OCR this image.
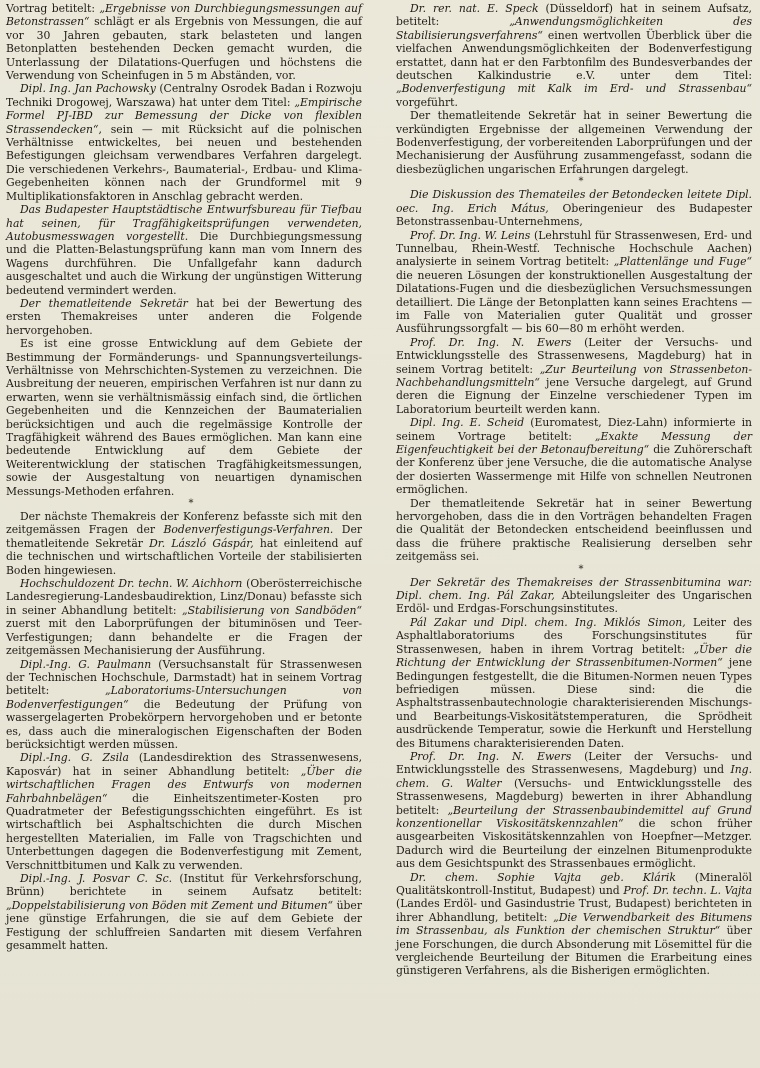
Vortrag betitelt: „Ergebnisse von Durchbiegungsmessungen auf Betonstrassen“ schlägt er als Ergebnis von Messungen, die auf vor 30 Jahren gebauten, stark belasteten und langen Betonplatten bestehenden Decken gemacht wurden, die Unterlassung der Dilatations-Querfugen und höchstens die Verwendung von Scheinfugen in 5 m Abständen, vor.

Dipl. Ing. Jan Pachowsky (Centralny Osrodek Badan i Rozwoju Techniki Drogowej, Warszawa) hat unter dem Titel: „Empirische Formel PJ-IBD zur Bemessung der Dicke von flexiblen Strassendecken“, sein — mit Rücksicht auf die polnischen Verhältnisse entwickeltes, bei neuen und bestehenden Befestigungen gleichsam verwendbares Verfahren dargelegt. Die verschiedenen Verkehrs-, Baumaterial-, Erdbau- und Klima-Gegebenheiten können nach der Grundformel mit 9 Multiplikationsfaktoren in Anschlag gebracht werden.

Das Budapester Hauptstädtische Entwurfsbureau für Tiefbau hat seinen, für Tragfähigkeitsprüfungen verwendeten, Autobusmesswagen vorgestellt. Die Durchbiegungsmessung und die Platten-Belastungsprüfung kann man vom Innern des Wagens durchführen. Die Unfallgefahr kann dadurch ausgeschaltet und auch die Wirkung der ungünstigen Witterung bedeutend vermindert werden.

Der thematleitende Sekretär hat bei der Bewertung des ersten Themakreises unter anderen die Folgende hervorgehoben.

Es ist eine grosse Entwicklung auf dem Gebiete der Bestimmung der Formänderungs- und Spannungsverteilungs-Verhältnisse von Mehrschichten-Systemen zu verzeichnen. Die Ausbreitung der neueren, empirischen Verfahren ist nur dann zu erwarten, wenn sie verhältnismässig einfach sind, die örtlichen Gegebenheiten und die Kennzeichen der Baumaterialien berücksichtigen und auch die regelmässige Kontrolle der Tragfähigkeit während des Baues ermöglichen. Man kann eine bedeutende Entwicklung auf dem Gebiete der Weiterentwicklung der statischen Tragfähigkeitsmessungen, sowie der Ausgestaltung von neuartigen dynamischen Messungs-Methoden erfahren.

*

Der nächste Themakreis der Konferenz befasste sich mit den zeitgemässen Fragen der Bodenverfestigungs-Verfahren. Der thematleitende Sekretär Dr. László Gáspár, hat einleitend auf die technischen und wirtschaftlichen Vorteile der stabilisierten Boden hingewiesen.

Hochschuldozent Dr. techn. W. Aichhorn (Oberösterreichische Landesregierung-Landesbaudirektion, Linz/Donau) befasste sich in seiner Abhandlung betitelt: „Stabilisierung von Sandböden“ zuerst mit den Laborprüfungen der bituminösen und Teer-Verfestigungen; dann behandelte er die Fragen der zeitgemässen Mechanisierung der Ausführung.

Dipl.-Ing. G. Paulmann (Versuchsanstalt für Strassenwesen der Technischen Hochschule, Darmstadt) hat in seinem Vortrag betitelt: „Laboratoriums-Untersuchungen von Bodenverfestigungen“ die Bedeutung der Prüfung von wassergelagerten Probekörpern hervorgehoben und er betonte es, dass auch die mineralogischen Eigenschaften der Boden berücksichtigt werden müssen.

Dipl.-Ing. G. Zsila (Landesdirektion des Strassenwesens, Kaposvár) hat in seiner Abhandlung betitelt: „Über die wirtschaftlichen Fragen des Entwurfs von modernen Fahrbahnbelägen“ die Einheitszentimeter-Kosten pro Quadratmeter der Befestigungsschichten eingeführt. Es ist wirtschaftlich bei Asphaltschichten die durch Mischen hergestellten Materialien, im Falle von Tragschichten und Unterbettungen dagegen die Bodenverfestigung mit Zement, Verschnittbitumen und Kalk zu verwenden.

Dipl.-Ing. J. Posvar C. Sc. (Institut für Verkehrsforschung, Brünn) berichtete in seinem Aufsatz betitelt: „Doppelstabilisierung von Böden mit Zement und Bitumen“ über jene günstige Erfahrungen, die sie auf dem Gebiete der Festigung der schluffreien Sandarten mit diesem Verfahren gesammelt hatten.

Dr. rer. nat. E. Speck (Düsseldorf) hat in seinem Aufsatz, betitelt: „Anwendungsmöglichkeiten des Stabilisierungsverfahrens“ einen wertvollen Überblick über die vielfachen Anwendungsmöglichkeiten der Bodenverfestigung erstattet, dann hat er den Farbtonfilm des Bundesverbandes der deutschen Kalkindustrie e.V. unter dem Titel: „Bodenverfestigung mit Kalk im Erd- und Strassenbau“ vorgeführt.

Der thematleitende Sekretär hat in seiner Bewertung die verkündigten Ergebnisse der allgemeinen Verwendung der Bodenverfestigung, der vorbereitenden Laborprüfungen und der Mechanisierung der Ausführung zusammengefasst, sodann die diesbezüglichen ungarischen Erfahrungen dargelegt.

*

Die Diskussion des Themateiles der Betondecken leitete Dipl. oec. Ing. Erich Mátus, Oberingenieur des Budapester Betonstrassenbau-Unternehmens,

Prof. Dr. Ing. W. Leins (Lehrstuhl für Strassenwesen, Erd- und Tunnelbau, Rhein-Westf. Technische Hochschule Aachen) analysierte in seinem Vortrag betitelt: „Plattenlänge und Fuge“ die neueren Lösungen der konstruktionellen Ausgestaltung der Dilatations-Fugen und die diesbezüglichen Versuchsmessungen detailliert. Die Länge der Betonplatten kann seines Erachtens — im Falle von Materialien guter Qualität und grosser Ausführungssorgfalt — bis 60—80 m erhöht werden.

Prof. Dr. Ing. N. Ewers (Leiter der Versuchs- und Entwicklungsstelle des Strassenwesens, Magdeburg) hat in seinem Vortrag betitelt: „Zur Beurteilung von Strassenbeton-Nachbehandlungsmitteln“ jene Versuche dargelegt, auf Grund deren die Eignung der Einzelne verschiedener Typen im Laboratorium beurteilt werden kann.

Dipl. Ing. E. Scheid (Euromatest, Diez-Lahn) informierte in seinem Vortrage betitelt: „Exakte Messung der Eigenfeuchtigkeit bei der Betonaufbereitung“ die Zuhörerschaft der Konferenz über jene Versuche, die die automatische Analyse der dosierten Wassermenge mit Hilfe von schnellen Neutronen ermöglichen.

Der thematleitende Sekretär hat in seiner Bewertung hervorgehoben, dass die in den Vorträgen behandelten Fragen die Qualität der Betondecken entscheidend beeinflussen und dass die frühere praktische Realisierung derselben sehr zeitgemäss sei.

*

Der Sekretär des Themakreises der Strassenbitumina war: Dipl. chem. Ing. Pál Zakar, Abteilungsleiter des Ungarischen Erdöl- und Erdgas-Forschungsinstitutes.

Pál Zakar und Dipl. chem. Ing. Miklós Simon, Leiter des Asphaltlaboratoriums des Forschungsinstitutes für Strassenwesen, haben in ihrem Vortrag betitelt: „Über die Richtung der Entwicklung der Strassenbitumen-Normen“ jene Bedingungen festgestellt, die die Bitumen-Normen neuen Types befriedigen müssen. Diese sind: die die Asphaltstrassenbautechnologie charakterisierenden Mischungs- und Bearbeitungs-Viskositätstemperaturen, die Sprödheit ausdrückende Temperatur, sowie die Herkunft und Herstellung des Bitumens charakterisierenden Daten.

Prof. Dr. Ing. N. Ewers (Leiter der Versuchs- und Entwicklungsstelle des Strassenwesens, Magdeburg) und Ing. chem. G. Walter (Versuchs- und Entwicklungsstelle des Strassenwesens, Magdeburg) bewerten in ihrer Abhandlung betitelt: „Beurteilung der Strassenbaubindemittel auf Grund konzentionellar Viskositätskennzahlen“ die schon früher ausgearbeiten Viskositätskennzahlen von Hoepfner—Metzger. Dadurch wird die Beurteilung der einzelnen Bitumenprodukte aus dem Gesichtspunkt des Strassenbaues ermöglicht.

Dr. chem. Sophie Vajta geb. Klárik (Mineralöl Qualitätskontroll-Institut, Budapest) und Prof. Dr. techn. L. Vajta (Landes Erdöl- und Gasindustrie Trust, Budapest) berichteten in ihrer Abhandlung, betitelt: „Die Verwendbarkeit des Bitumens im Strassenbau, als Funktion der chemischen Struktur“ über jene Forschungen, die durch Absonderung mit Lösemittel für die vergleichende Beurteilung der Bitumen die Erarbeitung eines günstigeren Verfahrens, als die Bisherigen ermöglichten.
